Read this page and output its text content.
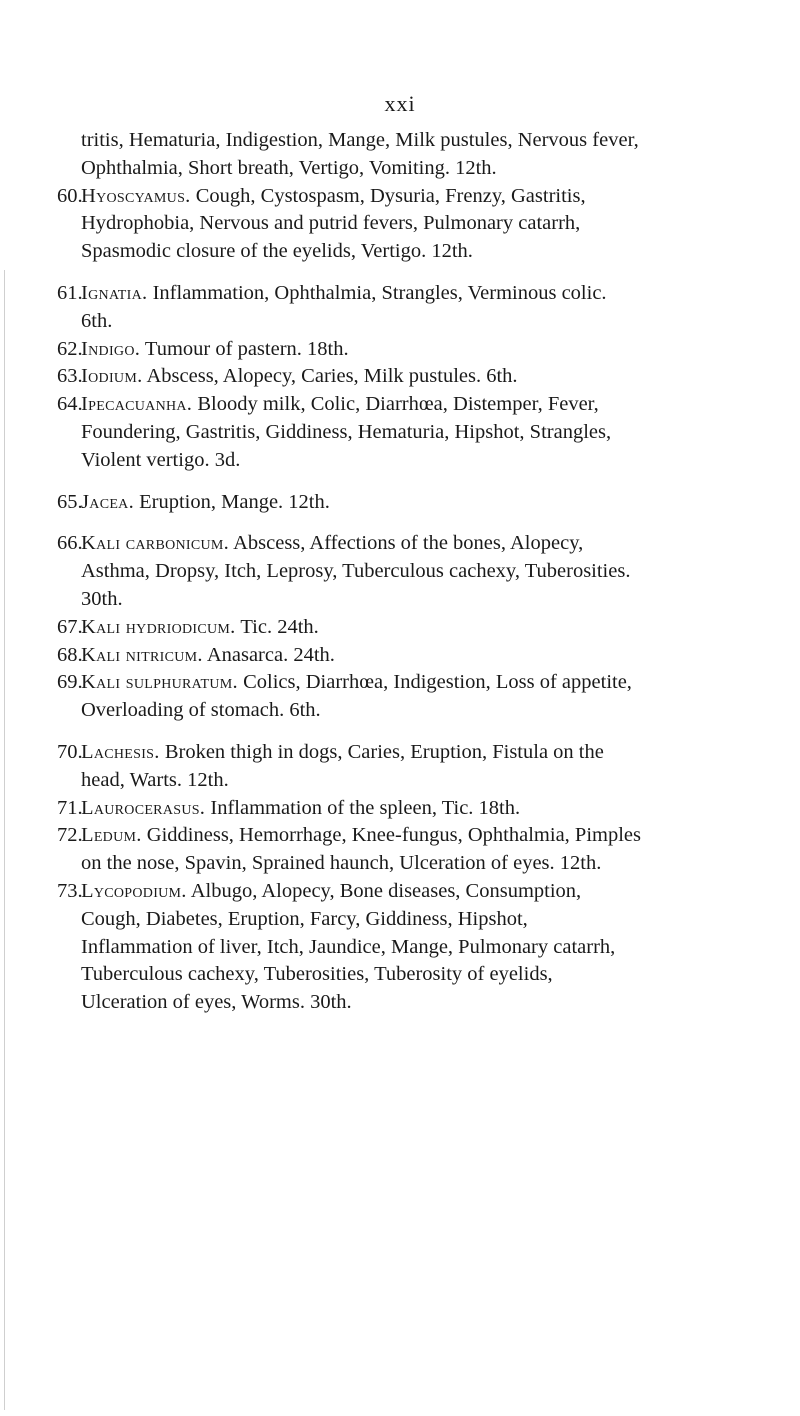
xxi
tritis, Hematuria, Indigestion, Mange, Milk pustules, Nervous fever, Ophthalmia, Short breath, Vertigo, Vomiting. 12th.
60.
Hyoscyamus. Cough, Cystospasm, Dysuria, Frenzy, Gastritis, Hydrophobia, Nervous and putrid fevers, Pulmonary catarrh, Spasmodic closure of the eyelids, Vertigo. 12th.
61.
Ignatia. Inflammation, Ophthalmia, Strangles, Verminous colic. 6th.
62.
Indigo. Tumour of pastern. 18th.
63.
Iodium. Abscess, Alopecy, Caries, Milk pustules. 6th.
64.
Ipecacuanha. Bloody milk, Colic, Diarrhœa, Distemper, Fever, Foundering, Gastritis, Giddiness, Hematuria, Hipshot, Strangles, Violent vertigo. 3d.
65.
Jacea. Eruption, Mange. 12th.
66.
Kali carbonicum. Abscess, Affections of the bones, Alopecy, Asthma, Dropsy, Itch, Leprosy, Tuberculous cachexy, Tuberosities. 30th.
67.
Kali hydriodicum. Tic. 24th.
68.
Kali nitricum. Anasarca. 24th.
69.
Kali sulphuratum. Colics, Diarrhœa, Indigestion, Loss of appetite, Overloading of stomach. 6th.
70.
Lachesis. Broken thigh in dogs, Caries, Eruption, Fistula on the head, Warts. 12th.
71.
Laurocerasus. Inflammation of the spleen, Tic. 18th.
72.
Ledum. Giddiness, Hemorrhage, Knee-fungus, Ophthalmia, Pimples on the nose, Spavin, Sprained haunch, Ulceration of eyes. 12th.
73.
Lycopodium. Albugo, Alopecy, Bone diseases, Consumption, Cough, Diabetes, Eruption, Farcy, Giddiness, Hipshot, Inflammation of liver, Itch, Jaundice, Mange, Pulmonary catarrh, Tuberculous cachexy, Tuberosities, Tuberosity of eyelids, Ulceration of eyes, Worms. 30th.
